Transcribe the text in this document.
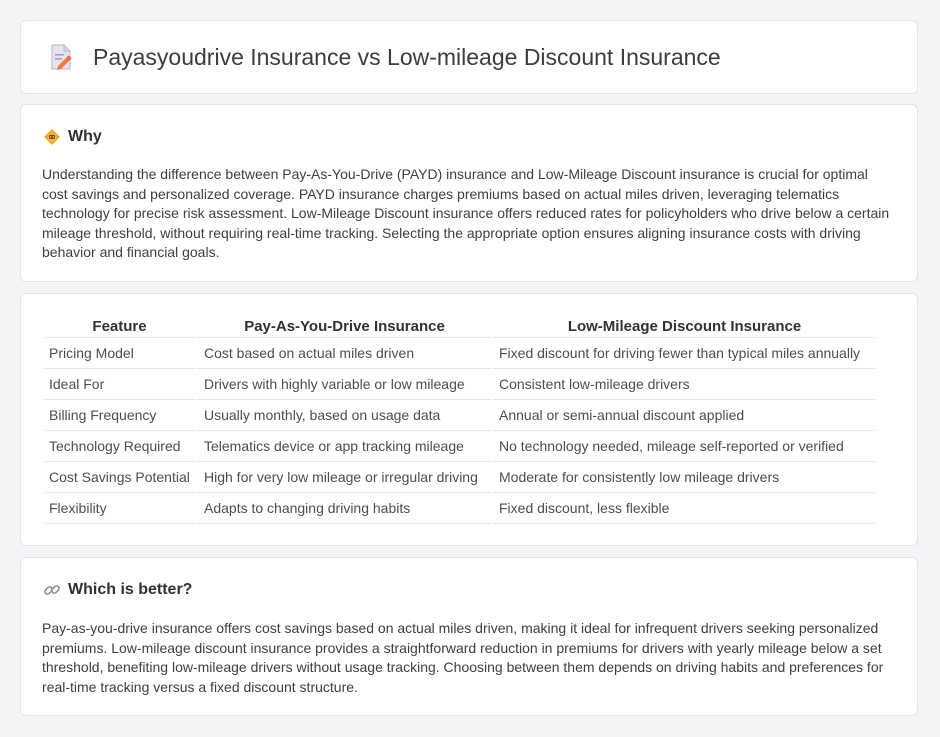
Payasyoudrive Insurance vs Low-mileage Discount Insurance
Why
Understanding the difference between Pay-As-You-Drive (PAYD) insurance and Low-Mileage Discount insurance is crucial for optimal cost savings and personalized coverage. PAYD insurance charges premiums based on actual miles driven, leveraging telematics technology for precise risk assessment. Low-Mileage Discount insurance offers reduced rates for policyholders who drive below a certain mileage threshold, without requiring real-time tracking. Selecting the appropriate option ensures aligning insurance costs with driving behavior and financial goals.
Feature	Pay-As-You-Drive Insurance	Low-Mileage Discount Insurance
Pricing Model	Cost based on actual miles driven	Fixed discount for driving fewer than typical miles annually
Ideal For	Drivers with highly variable or low mileage	Consistent low-mileage drivers
Billing Frequency	Usually monthly, based on usage data	Annual or semi-annual discount applied
Technology Required	Telematics device or app tracking mileage	No technology needed, mileage self-reported or verified
Cost Savings Potential	High for very low mileage or irregular driving	Moderate for consistently low mileage drivers
Flexibility	Adapts to changing driving habits	Fixed discount, less flexible
Which is better?
Pay-as-you-drive insurance offers cost savings based on actual miles driven, making it ideal for infrequent drivers seeking personalized premiums. Low-mileage discount insurance provides a straightforward reduction in premiums for drivers with yearly mileage below a set threshold, benefiting low-mileage drivers without usage tracking. Choosing between them depends on driving habits and preferences for real-time tracking versus a fixed discount structure.
